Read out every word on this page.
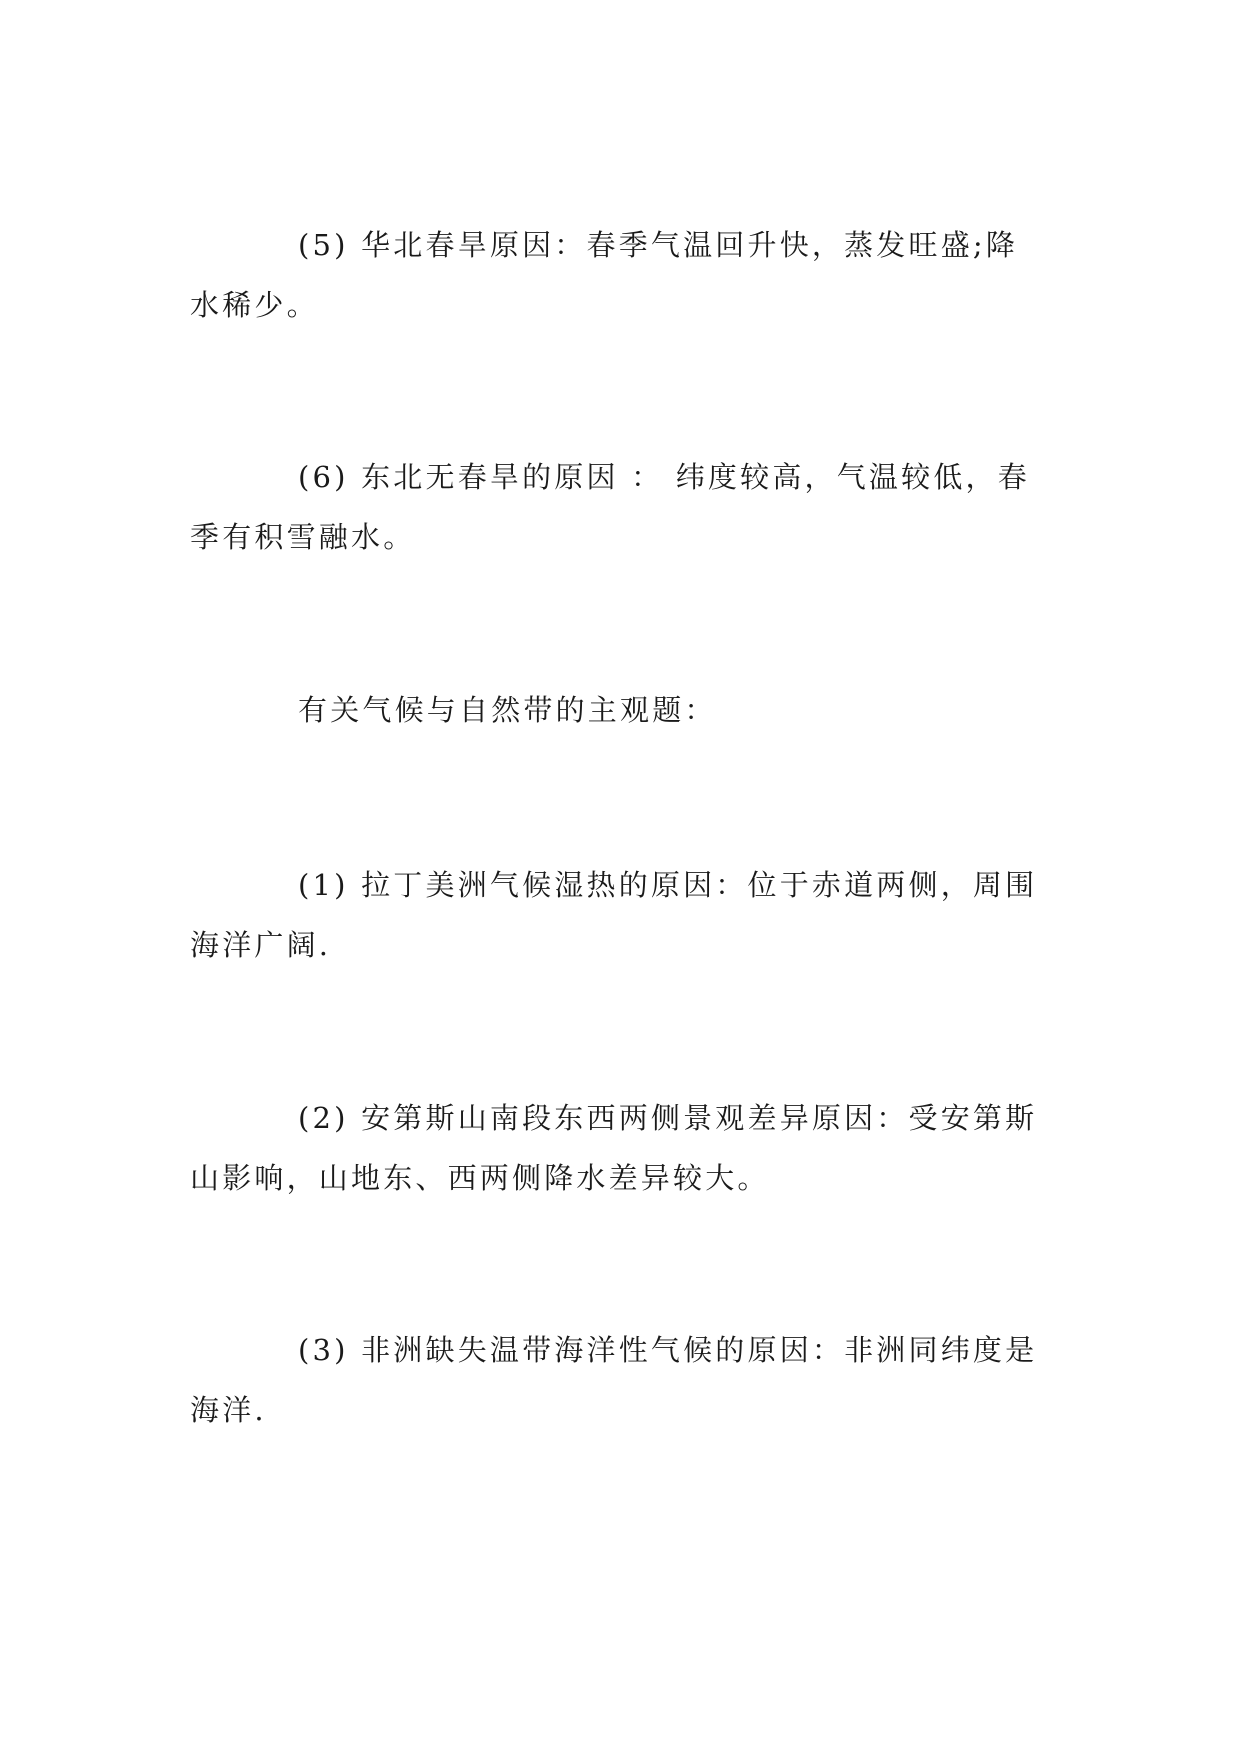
(5) 华北春旱原因：春季气温回升快，蒸发旺盛;降水稀少。

(6) 东北无春旱的原因 ： 纬度较高，气温较低，春季有积雪融水。

有关气候与自然带的主观题：

(1) 拉丁美洲气候湿热的原因：位于赤道两侧，周围海洋广阔.

(2) 安第斯山南段东西两侧景观差异原因：受安第斯山影响，山地东、西两侧降水差异较大。

(3) 非洲缺失温带海洋性气候的原因：非洲同纬度是海洋.
